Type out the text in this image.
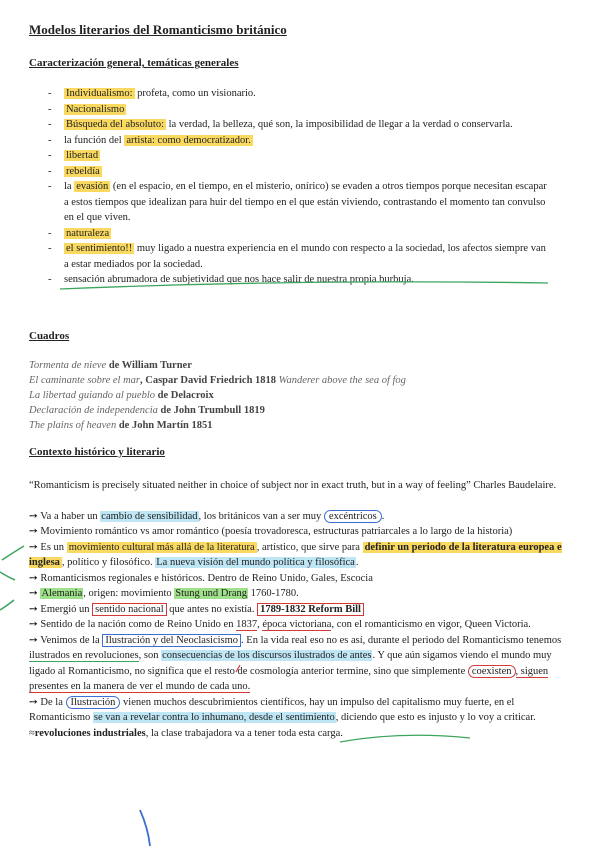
Modelos literarios del Romanticismo británico
Caracterización general, temáticas generales
- Individualismo: profeta, como un visionario.
- Nacionalismo
- Búsqueda del absoluto: la verdad, la belleza, qué son, la imposibilidad de llegar a la verdad o conservarla.
- la función del artista: como democratizador.
- libertad
- rebeldía
- la evasión (en el espacio, en el tiempo, en el misterio, onírico) se evaden a otros tiempos porque necesitan escapar a estos tiempos que idealizan para huir del tiempo en el que están viviendo, contrastando el momento tan convulso en el que viven.
- naturaleza
- el sentimiento!! muy ligado a nuestra experiencia en el mundo con respecto a la sociedad, los afectos siempre van a estar mediados por la sociedad.
- sensación abrumadora de subjetividad que nos hace salir de nuestra propia burbuja.
Cuadros
Tormenta de nieve de William Turner
El caminante sobre el mar, Caspar David Friedrich 1818 Wanderer above the sea of fog
La libertad guiando al pueblo de Delacroix
Declaración de independencia de John Trumbull 1819
The plains of heaven de John Martín 1851
Contexto histórico y literario

“Romanticism is precisely situated neither in choice of subject nor in exact truth, but in a way of feeling” Charles Baudelaire.

➙ Va a haber un cambio de sensibilidad, los británicos van a ser muy excéntricos .

➙ Movimiento romántico vs amor romántico (poesía trovadoresca, estructuras patriarcales a lo largo de la historia)

➙ Es un movimiento cultural más allá de la literatura , artístico, que sirve para definir un periodo de la literatura europea e inglesa , político y filosófico. La nueva visión del mundo política y filosófica.

➙ Romanticismos regionales e históricos. Dentro de Reino Unido, Gales, Escocia

➙ Alemania, origen: movimiento Stung und Drang 1760-1780.

➙ Emergió un sentido nacional que antes no existía. 1789-1832 Reform Bill

➙ Sentido de la nación como de Reino Unido en 1837, época victoriana, con el romanticismo en vigor, Queen Victoria.

➙ Venimos de la Ilustración y del Neoclasicismo . En la vida real eso no es así, durante el periodo del Romanticismo tenemos ilustrados en revoluciones, son consecuencias de los discursos ilustrados de antes. Y que aún sigamos viendo el mundo muy ligado al Romanticismo, no significa que el resto de cosmología anterior termine, sino que simplemente coexisten , siguen presentes en la manera de ver el mundo de cada uno.

➙ De la Ilustración vienen muchos descubrimientos científicos, hay un impulso del capitalismo muy fuerte, en el Romanticismo se van a revelar contra lo inhumano, desde el sentimiento, diciendo que esto es injusto y lo voy a criticar. ≈revoluciones industriales, la clase trabajadora va a tener toda esta carga.
